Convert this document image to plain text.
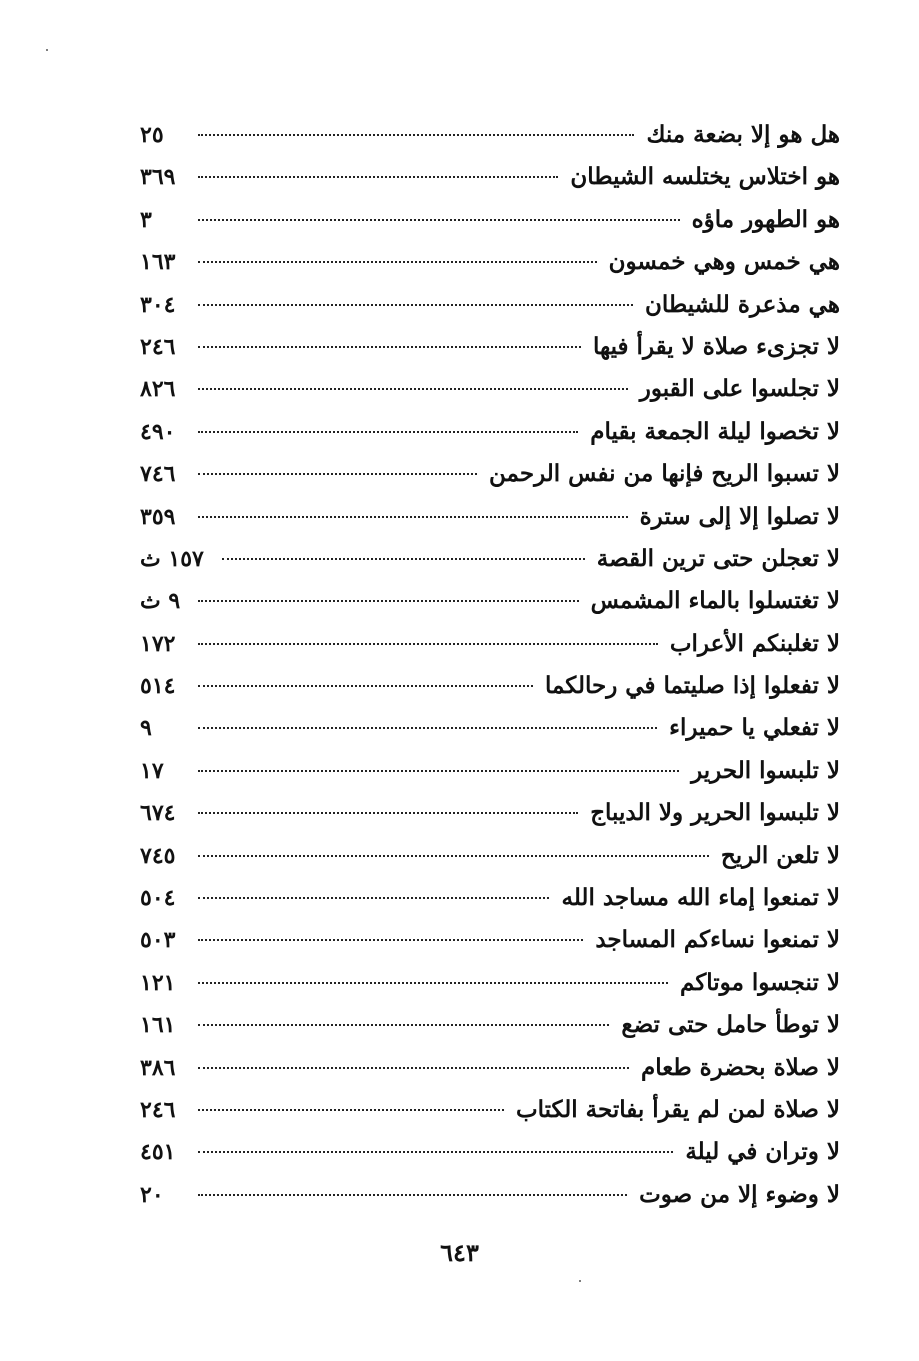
هل هو إلا بضعة منك
٢٥
هو اختلاس يختلسه الشيطان
٣٦٩
هو الطهور ماؤه
٣
هي خمس وهي خمسون
١٦٣
هي مذعرة للشيطان
٣٠٤
لا تجزىء صلاة لا يقرأ فيها
٢٤٦
لا تجلسوا على القبور
٨٢٦
لا تخصوا ليلة الجمعة بقيام
٤٩٠
لا تسبوا الريح فإنها من نفس الرحمن
٧٤٦
لا تصلوا إلا إلى سترة
٣٥٩
لا تعجلن حتى ترين القصة
١٥٧ ث
لا تغتسلوا بالماء المشمس
٩ ث
لا تغلبنكم الأعراب
١٧٢
لا تفعلوا إذا صليتما في رحالكما
٥١٤
لا تفعلي يا حميراء
٩
لا تلبسوا الحرير
١٧
لا تلبسوا الحرير ولا الديباج
٦٧٤
لا تلعن الريح
٧٤٥
لا تمنعوا إماء الله مساجد الله
٥٠٤
لا تمنعوا نساءكم المساجد
٥٠٣
لا تنجسوا موتاكم
١٢١
لا توطأ حامل حتى تضع
١٦١
لا صلاة بحضرة طعام
٣٨٦
لا صلاة لمن لم يقرأ بفاتحة الكتاب
٢٤٦
لا وتران في ليلة
٤٥١
لا وضوء إلا من صوت
٢٠
٦٤٣
